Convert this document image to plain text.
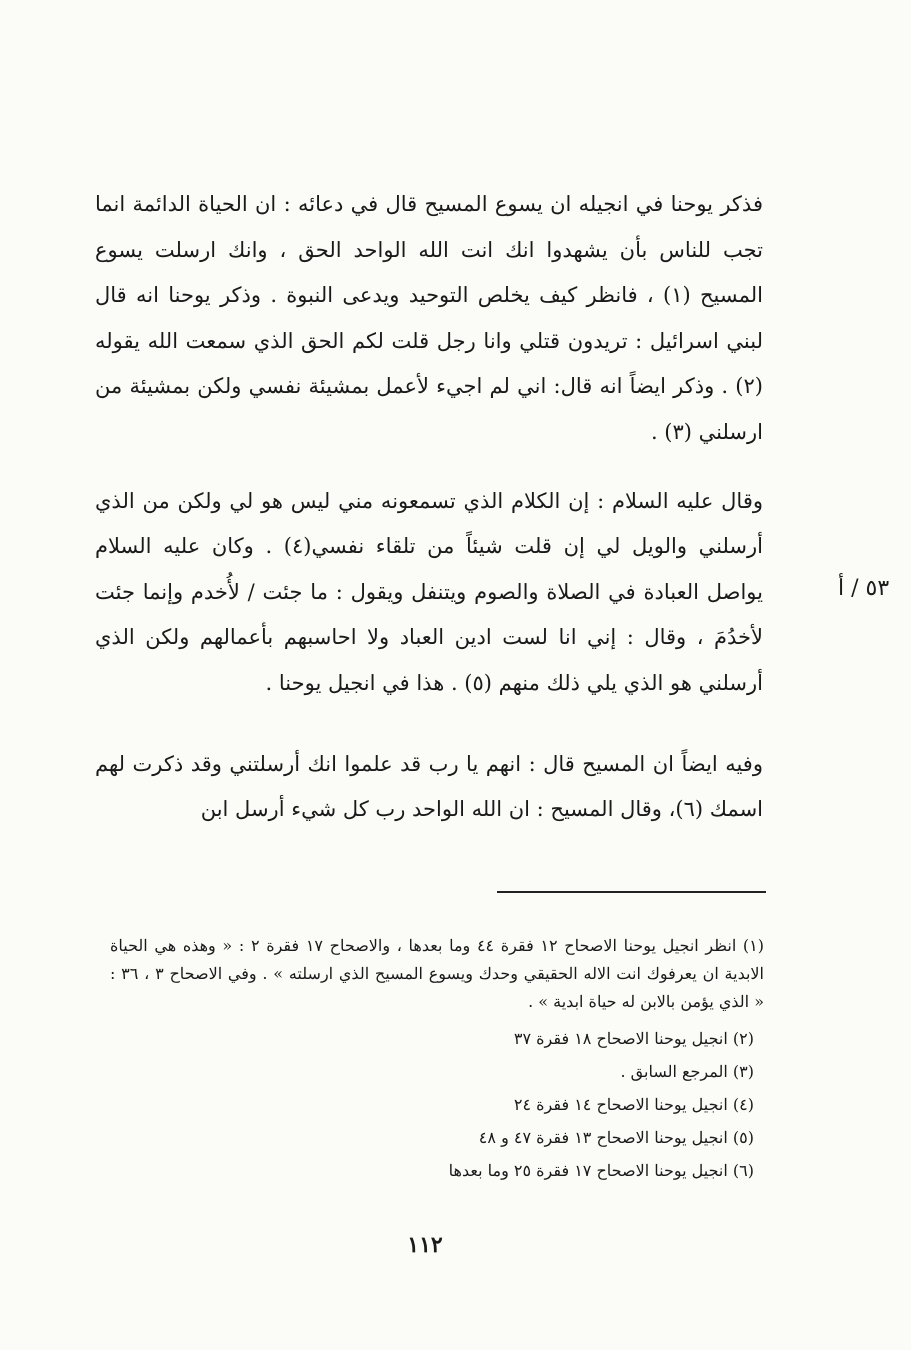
فذكر يوحنا في انجيله ان يسوع المسيح قال في دعائه : ان الحياة الدائمة انما تجب للناس بأن يشهدوا انك انت الله الواحد الحق ، وانك ارسلت يسوع المسيح (١) ، فانظر كيف يخلص التوحيد ويدعى النبوة . وذكر يوحنا انه قال لبني اسرائيل : تريدون قتلي وانا رجل قلت لكم الحق الذي سمعت الله يقوله (٢) . وذكر ايضاً انه قال: اني لم اجيء لأعمل بمشيئة نفسي ولكن بمشيئة من ارسلني (٣) .

وقال عليه السلام : إن الكلام الذي تسمعونه مني ليس هو لي ولكن من الذي أرسلني والويل لي إن قلت شيئاً من تلقاء نفسي(٤) . وكان عليه السلام يواصل العبادة في الصلاة والصوم ويتنفل ويقول : ما جئت / لأُخدم وإنما جئت لأخدُمَ ، وقال : إني انا لست ادين العباد ولا احاسبهم بأعمالهم ولكن الذي أرسلني هو الذي يلي ذلك منهم (٥) . هذا في انجيل يوحنا .

وفيه ايضاً ان المسيح قال : انهم يا رب قد علموا انك أرسلتني وقد ذكرت لهم اسمك (٦)، وقال المسيح : ان الله الواحد رب كل شيء أرسل ابن

٥٣ / أ

(١) انظر انجيل يوحنا الاصحاح ١٢ فقرة ٤٤ وما بعدها ، والاصحاح ١٧ فقرة ٢ : « وهذه هي الحياة الابدية ان يعرفوك انت الاله الحقيقي وحدك ويسوع المسيح الذي ارسلته » . وفي الاصحاح ٣ ، ٣٦ : « الذي يؤمن بالابن له حياة ابدية » .

(٢) انجيل يوحنا الاصحاح ١٨ فقرة ٣٧
(٣) المرجع السابق .
(٤) انجيل يوحنا الاصحاح ١٤ فقرة ٢٤
(٥) انجيل يوحنا الاصحاح ١٣ فقرة ٤٧ و ٤٨
(٦) انجيل يوحنا الاصحاح ١٧ فقرة ٢٥ وما بعدها
١١٢
